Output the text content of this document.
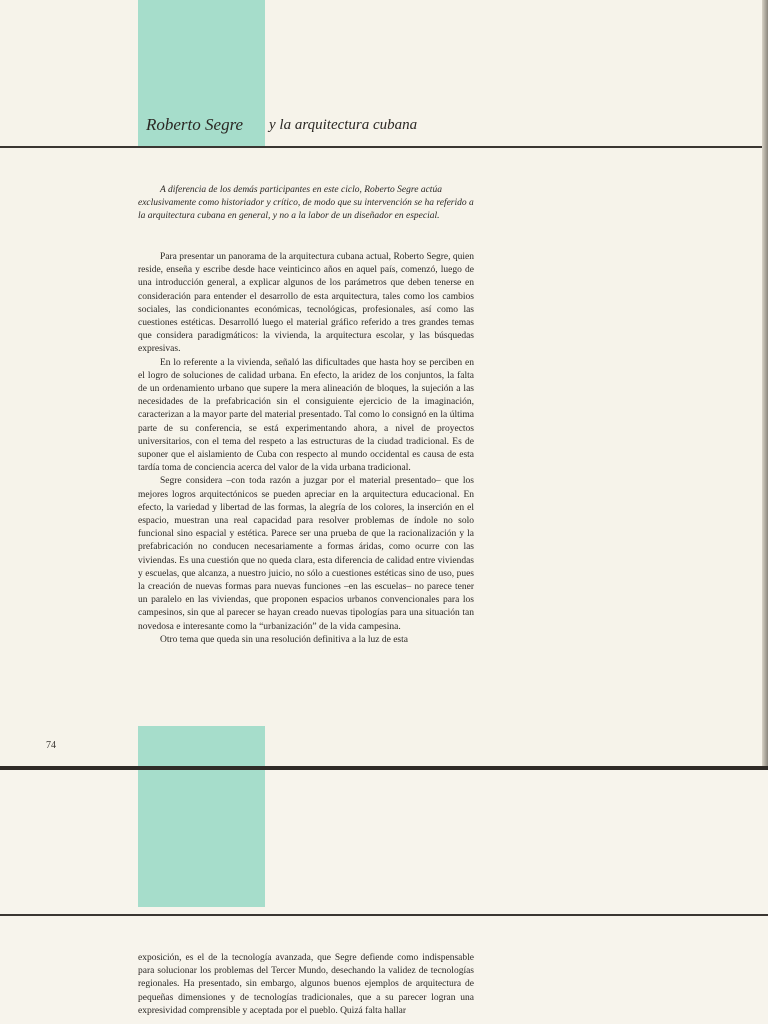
Roberto Segre y la arquitectura cubana

A diferencia de los demás participantes en este ciclo, Roberto Segre actúa exclusivamente como historiador y crítico, de modo que su intervención se ha referido a la arquitectura cubana en general, y no a la labor de un diseñador en especial.

Para presentar un panorama de la arquitectura cubana actual, Roberto Segre, quien reside, enseña y escribe desde hace veinticinco años en aquel país, comenzó, luego de una introducción general, a explicar algunos de los parámetros que deben tenerse en consideración para entender el desarrollo de esta arquitectura, tales como los cambios sociales, las condicionantes económicas, tecnológicas, profesionales, así como las cuestiones estéticas. Desarrolló luego el material gráfico referido a tres grandes temas que considera paradigmáticos: la vivienda, la arquitectura escolar, y las búsquedas expresivas.

En lo referente a la vivienda, señaló las dificultades que hasta hoy se perciben en el logro de soluciones de calidad urbana. En efecto, la aridez de los conjuntos, la falta de un ordenamiento urbano que supere la mera alineación de bloques, la sujeción a las necesidades de la prefabricación sin el consiguiente ejercicio de la imaginación, caracterizan a la mayor parte del material presentado. Tal como lo consignó en la última parte de su conferencia, se está experimentando ahora, a nivel de proyectos universitarios, con el tema del respeto a las estructuras de la ciudad tradicional. Es de suponer que el aislamiento de Cuba con respecto al mundo occidental es causa de esta tardía toma de conciencia acerca del valor de la vida urbana tradicional.

Segre considera –con toda razón a juzgar por el material presentado– que los mejores logros arquitectónicos se pueden apreciar en la arquitectura educacional. En efecto, la variedad y libertad de las formas, la alegría de los colores, la inserción en el espacio, muestran una real capacidad para resolver problemas de índole no solo funcional sino espacial y estética. Parece ser una prueba de que la racionalización y la prefabricación no conducen necesariamente a formas áridas, como ocurre con las viviendas. Es una cuestión que no queda clara, esta diferencia de calidad entre viviendas y escuelas, que alcanza, a nuestro juicio, no sólo a cuestiones estéticas sino de uso, pues la creación de nuevas formas para nuevas funciones –en las escuelas– no parece tener un paralelo en las viviendas, que proponen espacios urbanos convencionales para los campesinos, sin que al parecer se hayan creado nuevas tipologías para una situación tan novedosa e interesante como la “urbanización” de la vida campesina.

Otro tema que queda sin una resolución definitiva a la luz de esta

74

exposición, es el de la tecnología avanzada, que Segre defiende como indispensable para solucionar los problemas del Tercer Mundo, desechando la validez de tecnologías regionales. Ha presentado, sin embargo, algunos buenos ejemplos de arquitectura de pequeñas dimensiones y de tecnologías tradicionales, que a su parecer logran una expresividad comprensible y aceptada por el pueblo. Quizá falta hallar
